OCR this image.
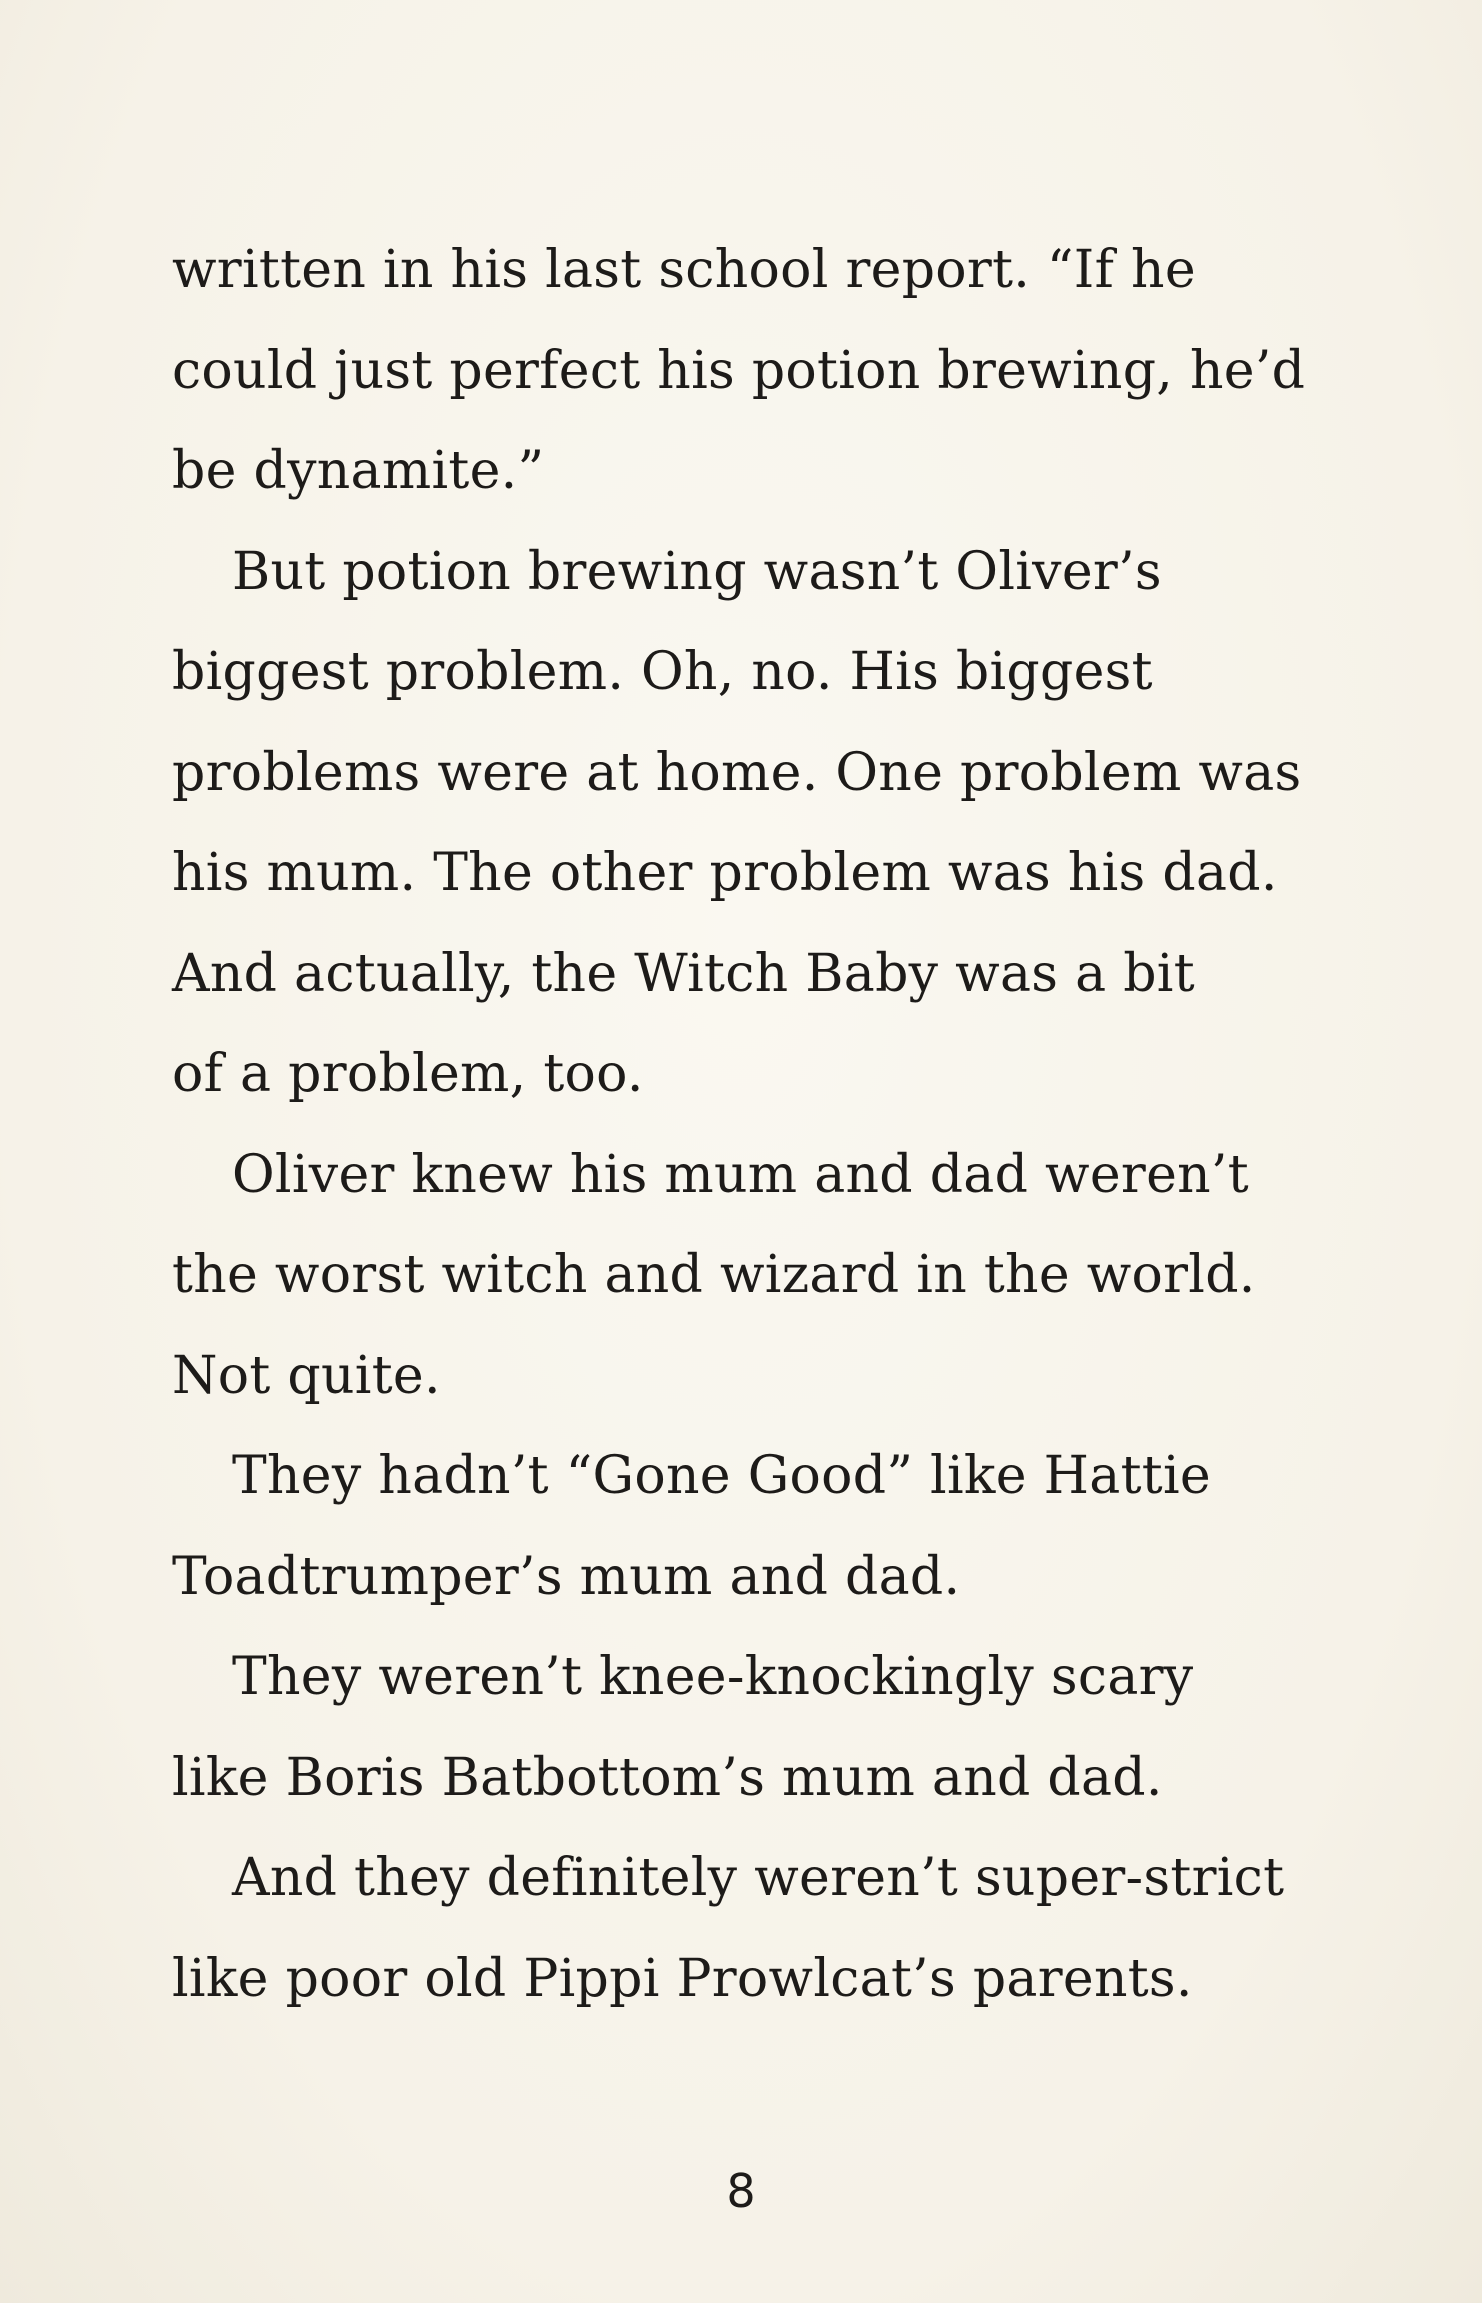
written in his last school report. “If he
could just perfect his potion brewing, he’d
be dynamite.”
But potion brewing wasn’t Oliver’s
biggest problem. Oh, no. His biggest
problems were at home. One problem was
his mum. The other problem was his dad.
And actually, the Witch Baby was a bit
of a problem, too.
Oliver knew his mum and dad weren’t
the worst witch and wizard in the world.
Not quite.
They hadn’t “Gone Good” like Hattie
Toadtrumper’s mum and dad.
They weren’t knee-knockingly scary
like Boris Batbottom’s mum and dad.
And they definitely weren’t super-strict
like poor old Pippi Prowlcat’s parents.
8
